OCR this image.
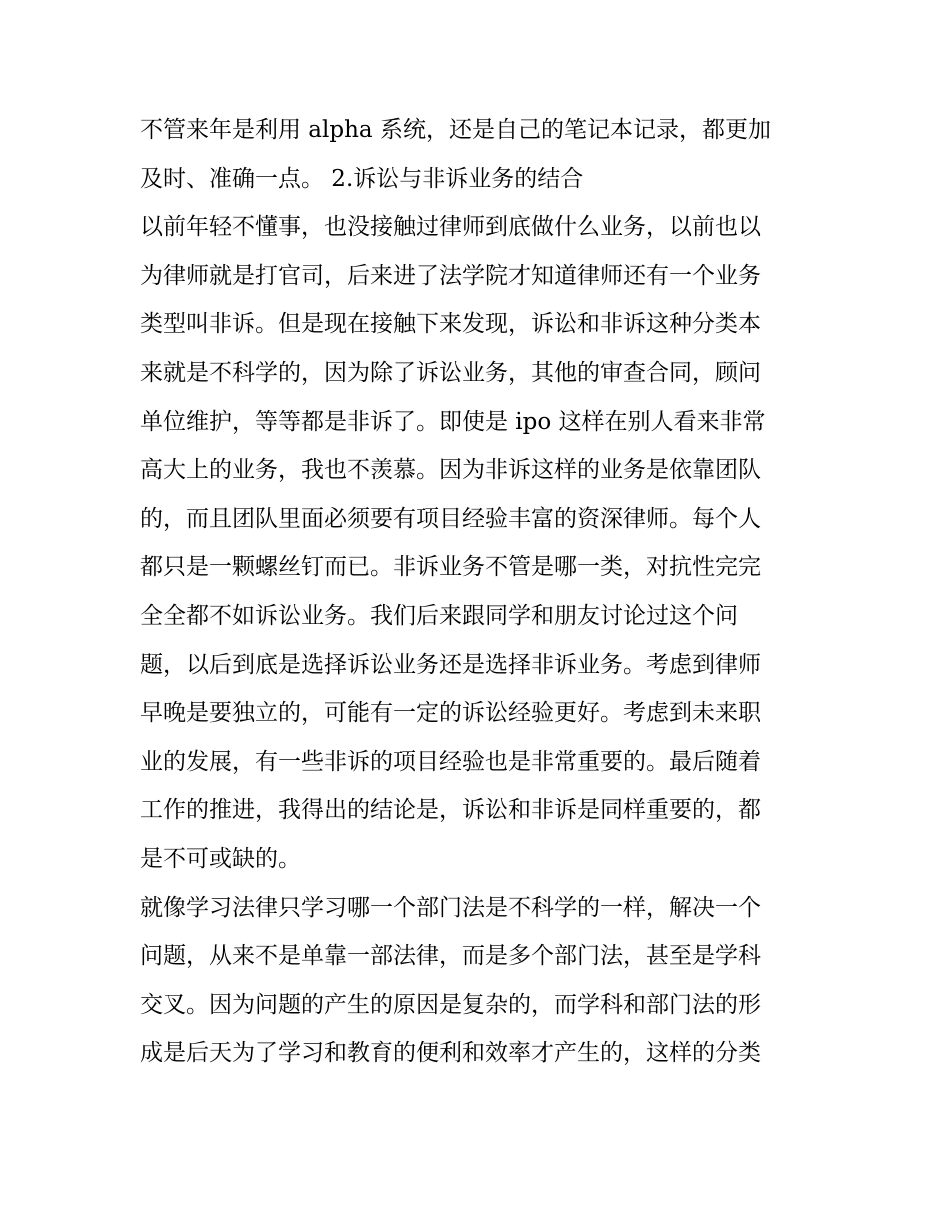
不管来年是利用 alpha 系统，还是自己的笔记本记录，都更加
及时、准确一点。 2.诉讼与非诉业务的结合
以前年轻不懂事，也没接触过律师到底做什么业务，以前也以
为律师就是打官司，后来进了法学院才知道律师还有一个业务
类型叫非诉。但是现在接触下来发现，诉讼和非诉这种分类本
来就是不科学的，因为除了诉讼业务，其他的审查合同，顾问
单位维护，等等都是非诉了。即使是 ipo 这样在别人看来非常
高大上的业务，我也不羡慕。因为非诉这样的业务是依靠团队
的，而且团队里面必须要有项目经验丰富的资深律师。每个人
都只是一颗螺丝钉而已。非诉业务不管是哪一类，对抗性完完
全全都不如诉讼业务。我们后来跟同学和朋友讨论过这个问
题，以后到底是选择诉讼业务还是选择非诉业务。考虑到律师
早晚是要独立的，可能有一定的诉讼经验更好。考虑到未来职
业的发展，有一些非诉的项目经验也是非常重要的。最后随着
工作的推进，我得出的结论是，诉讼和非诉是同样重要的，都
是不可或缺的。
就像学习法律只学习哪一个部门法是不科学的一样，解决一个
问题，从来不是单靠一部法律，而是多个部门法，甚至是学科
交叉。因为问题的产生的原因是复杂的，而学科和部门法的形
成是后天为了学习和教育的便利和效率才产生的，这样的分类
